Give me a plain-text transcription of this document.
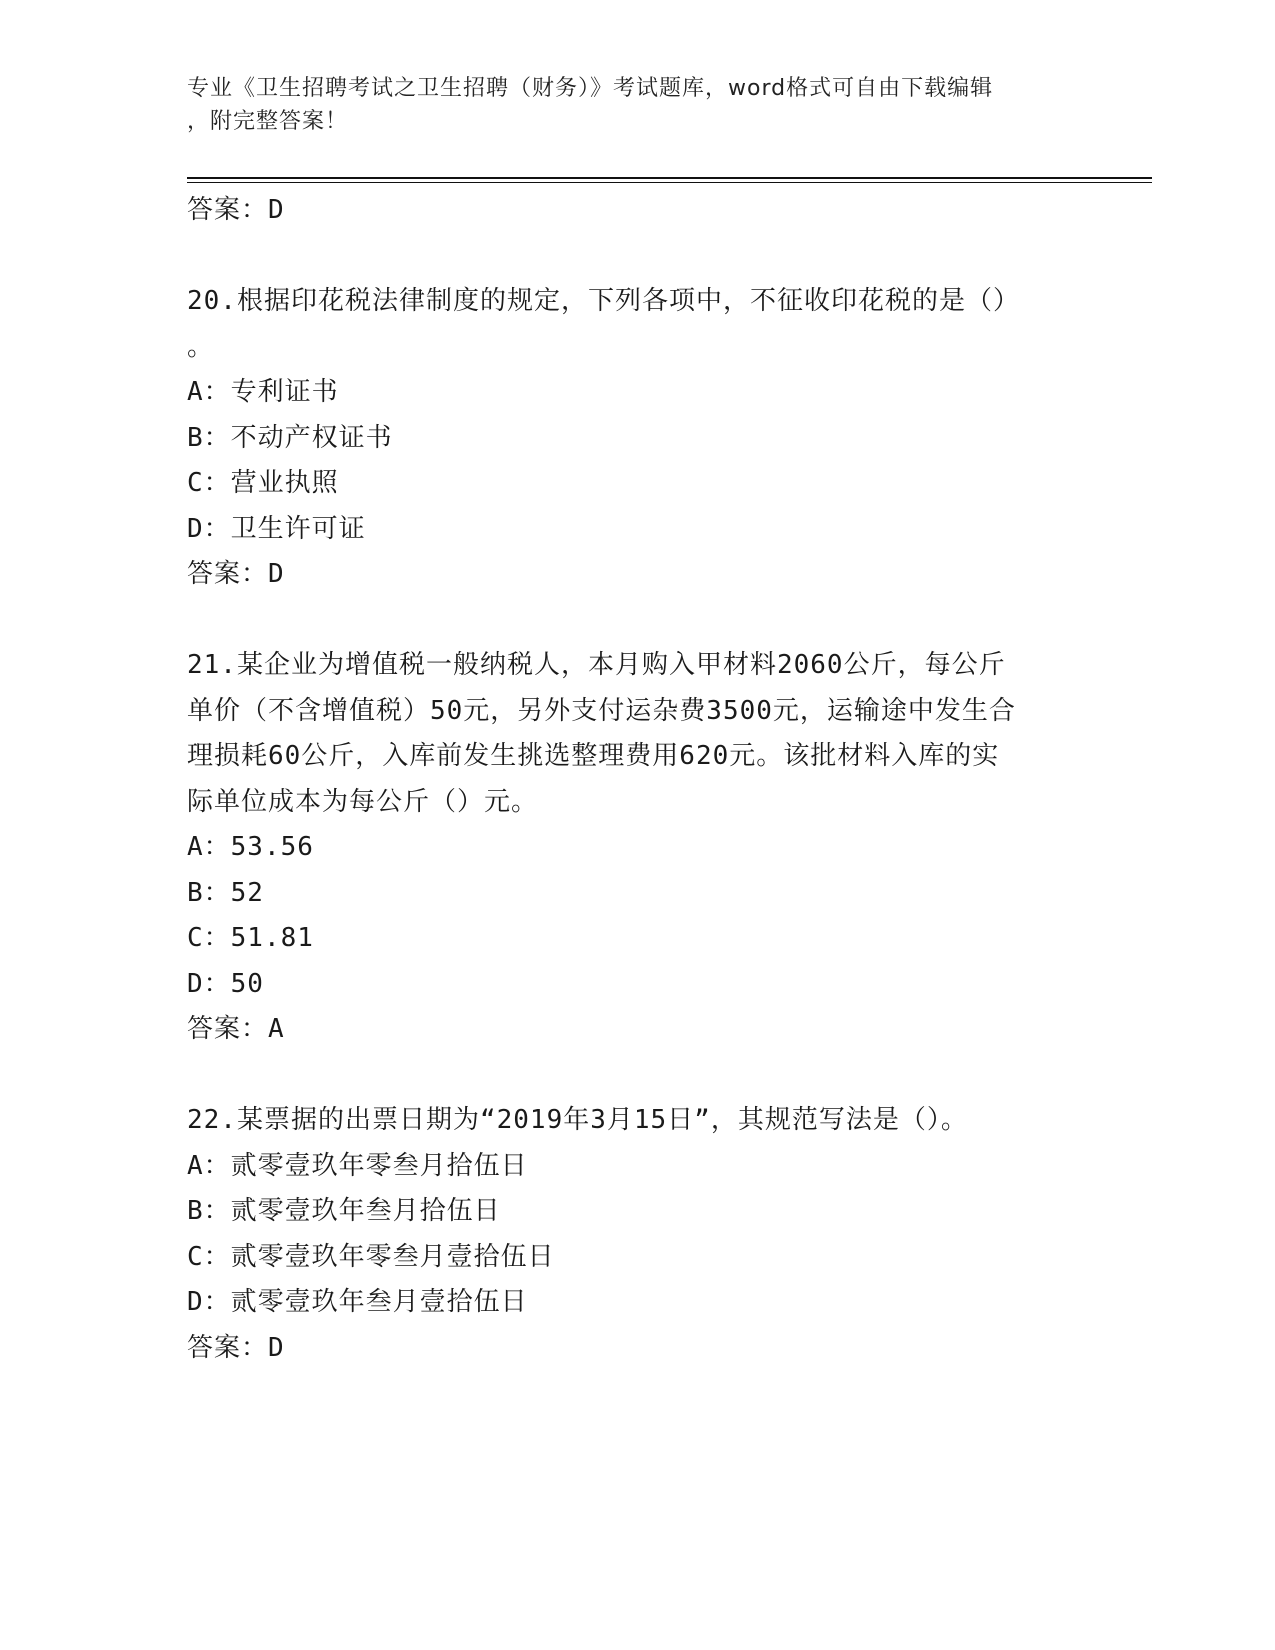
专业《卫生招聘考试之卫生招聘（财务）》考试题库，word格式可自由下载编辑
，附完整答案！
答案：D
20.根据印花税法律制度的规定，下列各项中，不征收印花税的是（）
。
A：专利证书
B：不动产权证书
C：营业执照
D：卫生许可证
答案：D
21.某企业为增值税一般纳税人，本月购入甲材料2060公斤，每公斤
单价（不含增值税）50元，另外支付运杂费3500元，运输途中发生合
理损耗60公斤，入库前发生挑选整理费用620元。该批材料入库的实
际单位成本为每公斤（）元。
A：53.56
B：52
C：51.81
D：50
答案：A
22.某票据的出票日期为“2019年3月15日”，其规范写法是（）。
A：贰零壹玖年零叁月拾伍日
B：贰零壹玖年叁月拾伍日
C：贰零壹玖年零叁月壹拾伍日
D：贰零壹玖年叁月壹拾伍日
答案：D
